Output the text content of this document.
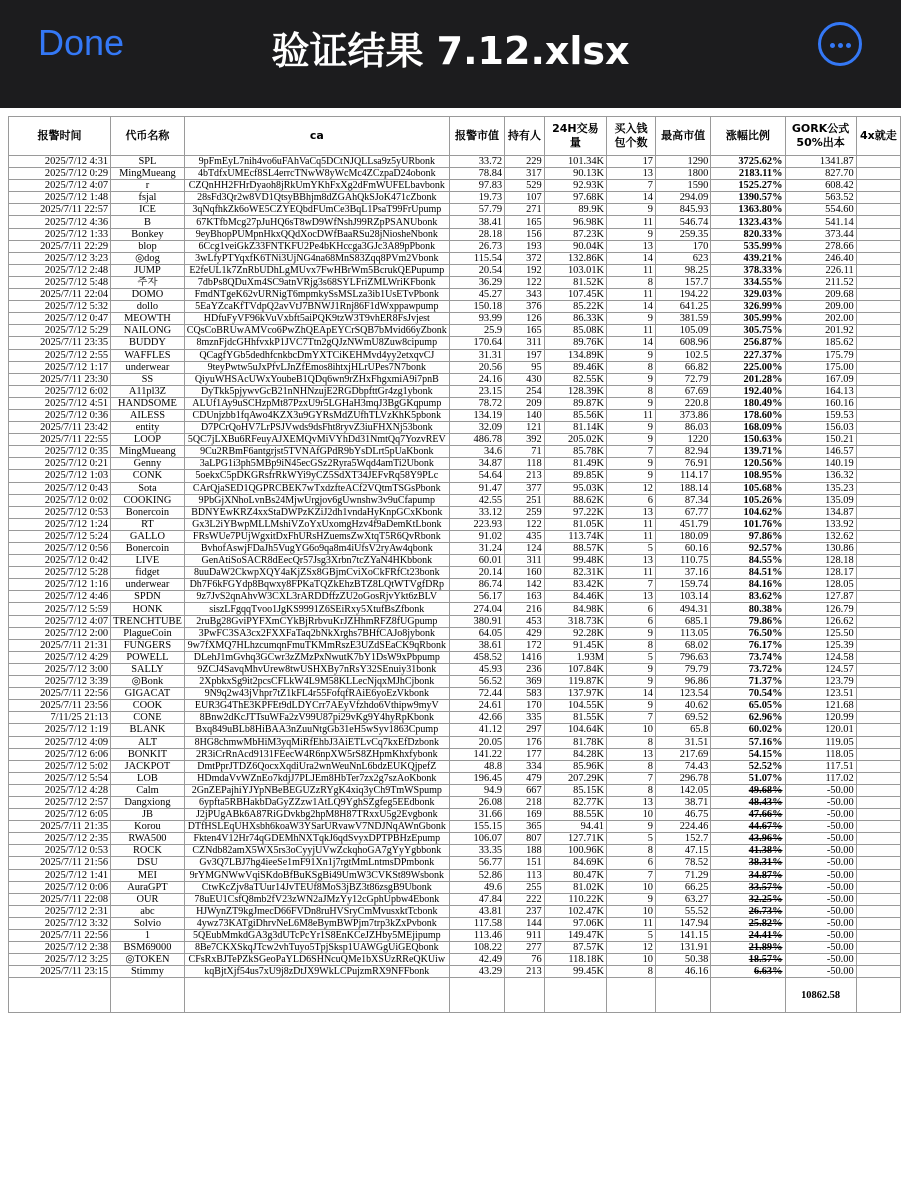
Done	验证结果 7.12.xlsx
报警时间	代币名称	ca	报警市值	持有人	24H交易量	买入钱包个数	最高市值	涨幅比例	GORK公式50%出本	4x就走
2025/7/12 4:31	SPL	9pFmEyL7nih4vo6uFAhVaCq5DCtNJQLLsa9z5yURbonk	33.72	229	101.34K	17	1290	3725.62%	1341.87	
2025/7/12 0:29	MingMueang	4bTdfxUMEcf8SL4errcTNwW8yWcMc4ZCzpaD24obonk	78.84	317	90.13K	13	1800	2183.11%	827.70	
2025/7/12 4:07	r	CZQnHH2FHrDyaoh8jRkUmYKhFxXg2dFmWUFELbavbonk	97.83	529	92.93K	7	1590	1525.27%	608.42	
2025/7/12 1:48	fsjal	28sFd3Qr2w8VD1QtsyBBhjm8dZGAhQkSJoK471cZbonk	19.73	107	97.68K	14	294.09	1390.57%	563.52	
2025/7/11 22:57	ICE	3qNqfhkZk6oWE5CZYEQbdFUmCe3BqL1PsaT99FrUpump	57.79	271	89.9K	9	845.93	1363.80%	554.60	
2025/7/12 4:36	B	67KTfbMcg27pJuHQ6sT8wD9WfNshJ99RZpPSANUbonk	38.41	165	96.98K	11	546.74	1323.43%	541.14	
2025/7/12 1:33	Bonkey	9eyBhopPUMpnHkxQQdXocDWfBaaRSu28jNiosheNbonk	28.18	156	87.23K	9	259.35	820.33%	373.44	
2025/7/11 22:29	blop	6Ccg1veiGkZ33FNTKFU2Pe4bKHccga3GJc3A89pPbonk	26.73	193	90.04K	13	170	535.99%	278.66	
2025/7/12 3:23	◎dog	3wLfyPTYqxfK6TNi3UjNG4na68MnS83Zqq8PVm2Vbonk	115.54	372	132.86K	14	623	439.21%	246.40	
2025/7/12 2:48	JUMP	E2feUL1k7ZnRbUDhLgMUvx7FwHBrWm5BcrukQEPupump	20.54	192	103.01K	11	98.25	378.33%	226.11	
2025/7/12 5:48	주자	7dbPs8QDuXm4SC9atnVRjg3s68SYLFriZMLWriKFbonk	36.29	122	81.52K	8	157.7	334.55%	211.52	
2025/7/11 22:04	DOMO	FmdNTgeK62vURNigT6mpmkySsMSLza3ib1UsETvPbonk	45.27	343	107.45K	11	194.22	329.03%	209.68	
2025/7/12 5:32	dollo	5EaYZcaKfTVdpQ2avVtJ7BNWJ1Rnj86F1dWxppawpump	150.18	376	85.22K	14	641.25	326.99%	209.00	
2025/7/12 0:47	MEOWTH	HDfuFyVF96kVuVxbft5aiPQK9tzW3T9vhER8FsJvjest	93.99	126	86.33K	9	381.59	305.99%	202.00	
2025/7/12 5:29	NAILONG	CQsCoBRUwAMVco6PwZhQEApEYCrSQB7bMvid66yZbonk	25.9	165	85.08K	11	105.09	305.75%	201.92	
2025/7/11 23:35	BUDDY	8mznFjdcGHhfvxkP1JVC7Ttn2gQJzNWmU8Zuw8cipump	170.64	311	89.76K	14	608.96	256.87%	185.62	
2025/7/12 2:55	WAFFLES	QCagfYGb5dedhfcnkbcDmYXTCiKEHMvd4yy2etxqvCJ	31.31	197	134.89K	9	102.5	227.37%	175.79	
2025/7/12 1:17	underwear	9teyPwtw5uJxPfvLJnZfEmos8ihtxjHLrUPes7N7bonk	20.56	95	89.46K	8	66.82	225.00%	175.00	
2025/7/11 23:30	SS	QiyuWHSAcUWxYoubeB1QDq6wn9rZHxFhgxmiA9i7pnB	24.16	430	82.55K	9	72.79	201.28%	167.09	
2025/7/12 6:02	A11pl3Z	DyTkk5pjywvGcB21nNHNzujE2RGDbpfttGr4zg1ybonk	23.15	254	128.39K	8	67.69	192.40%	164.13	
2025/7/12 4:51	HANDSOME	ALUf1Ay9uSCHzpMt87PzxU9r5LGHaH3mqJ3BgGKqpump	78.72	209	89.87K	9	220.8	180.49%	160.16	
2025/7/12 0:36	AILESS	CDUnjzbb1fqAwo4KZX3u9GYRsMdZUfhTLVzKhK5pbonk	134.19	140	85.56K	11	373.86	178.60%	159.53	
2025/7/11 23:42	entity	D7PCrQoHV7LrPSJVwds9dsFht8ryvZ3iuFHXNj53bonk	32.09	121	81.14K	9	86.03	168.09%	156.03	
2025/7/11 22:55	LOOP	5QC7jLXBu6RFeuyAJXEMQvMiVYhDd31NmtQq7YozvREV	486.78	392	205.02K	9	1220	150.63%	150.21	
2025/7/12 0:35	MingMueang	9Cu2RBmF6antgrjst5TVNAfGPdR9bYsDLrt5pUaKbonk	34.6	71	85.78K	7	82.94	139.71%	146.57	
2025/7/12 0:21	Genny	3aLPG1i3ph5MBp9iN45ecGSz2Ryra5Wqd4amTi2Ubonk	34.87	118	81.49K	9	76.91	120.56%	140.19	
2025/7/12 1:03	CONK	5oekxC5pDKGRsfrRkWYi9yCZ5SdXT34JEFvRq58Y9PLc	54.64	213	89.85K	9	114.17	108.95%	136.32	
2025/7/12 0:43	Sota	CArQjaSED1QGPRCBEK7wTxdzfteACf2VQtmTSGsPbonk	91.47	377	95.03K	12	188.14	105.68%	135.23	
2025/7/12 0:02	COOKING	9PbGjXNhoLvnBs24MjwUrgjov6gUwnshw3v9uCfapump	42.55	251	88.62K	6	87.34	105.26%	135.09	
2025/7/12 0:53	Bonercoin	BDNYEwKRZ4xxStaDWPzKZiJ2dh1vndaHyKnpGCxKbonk	33.12	259	97.22K	13	67.77	104.62%	134.87	
2025/7/12 1:24	RT	Gx3L2iYBwpMLLMshiVZoYxUxomgHzv4f9aDemKtLbonk	223.93	122	81.05K	11	451.79	101.76%	133.92	
2025/7/12 5:24	GALLO	FRsWUe7PUjWgxitDxFhURsHZuemsZwXtqT5R6QvRbonk	91.02	435	113.74K	11	180.09	97.86%	132.62	
2025/7/12 0:56	Bonercoin	BvhofAswjFDaJh5VugYG6o9qa8m4iUfsV2ryAw4qbonk	31.24	124	88.57K	5	60.16	92.57%	130.86	
2025/7/12 0:42	LIVE	GenAtiSoSACR8dEecQr57Jsg3Xrbn7tcZYaN4HKbbonk	60.01	311	99.48K	13	110.75	84.55%	128.18	
2025/7/12 5:28	fidget	8uuDaW2CkwpXQY4aKjZSx8GBjmCviXoCkFRfCt23bonk	20.14	160	82.31K	11	37.16	84.51%	128.17	
2025/7/12 1:16	underwear	Dh7F6kFGYdp8Bqwxy8FPKaTQZkEhzBTZ8LQtWTVgfDRp	86.74	142	83.42K	7	159.74	84.16%	128.05	
2025/7/12 4:46	SPDN	9z7JvS2qnAhvW3CXL3rARDDffzZU2oGosRjvYkt6zBLV	56.17	163	84.46K	13	103.14	83.62%	127.87	
2025/7/12 5:59	HONK	siszLFgqqTvoo1JgKS9991Z6SEiRxy5XtufBsZfbonk	274.04	216	84.98K	6	494.31	80.38%	126.79	
2025/7/12 4:07	TRENCHTUBE	2ruBg28GviPYFXmCYkBjRrbvuKrJZHhmRFZ8fUGpump	380.91	453	318.73K	6	685.1	79.86%	126.62	
2025/7/12 2:00	PlagueCoin	3PwFC3SA3cx2FXXFaTaq2bNkXrghs7BHfCAJo8jybonk	64.05	429	92.28K	9	113.05	76.50%	125.50	
2025/7/11 21:31	FUNGERS	9w7fXMQ7HLhzcumqnFmuTKMmRszE3UZdSEaCK9qRbonk	38.61	172	91.45K	8	68.02	76.17%	125.39	
2025/7/12 4:29	POWELL	DLehJ1mGvhq3GCwr3zZMzPxNwutK7bY1DsW9xPbpump	458.52	1416	1.93M	5	796.63	73.74%	124.58	
2025/7/12 3:00	SALLY	9ZCJ4SavqMhvUrew8twUSHXBy7nRsY32SEnuiy31bonk	45.93	236	107.84K	9	79.79	73.72%	124.57	
2025/7/12 3:39	◎Bonk	2XpbkxSg9it2pcsCFLkW4L9M58KLLecNjqxMJhCjbonk	56.52	369	119.87K	9	96.86	71.37%	123.79	
2025/7/11 22:56	GIGACAT	9N9q2w43jVhpr7tZ1kFL4r55FofqfRAiE6yoEzVkbonk	72.44	583	137.97K	14	123.54	70.54%	123.51	
2025/7/11 23:56	COOK	EUR3G4ThE3KPFEt9dLDYCrr7AEyVfzhdo6Vthipw9myV	24.61	170	104.55K	9	40.62	65.05%	121.68	
7/11/25 21:13	CONE	8Bnw2dKcJTTsuWFa2zV99U87pi29vKg9Y4hyRpKbonk	42.66	335	81.55K	7	69.52	62.96%	120.99	
2025/7/12 1:19	BLANK	Bxq849uBLb8HiBAA3nZuuNtgGb31eH5wSyv1863Cpump	41.12	297	104.64K	10	65.8	60.02%	120.01	
2025/7/12 4:09	ALT	8HG8chmwMbHiM3yqMiRfEhbJ3AiETLvCq7kxEfDzbonk	20.05	176	81.78K	8	31.51	57.16%	119.05	
2025/7/12 6:06	BONKIT	2R3iCrRnAcd9131FEecW4R6npXW5rS8ZHpmKhxfybonk	141.22	177	84.28K	13	217.69	54.15%	118.05	
2025/7/12 5:02	JACKPOT	DmtPprJTDZ6QocxXqdiUra2wnWeuNnL6bdzEUKQjpefZ	48.8	334	85.96K	8	74.43	52.52%	117.51	
2025/7/12 5:54	LOB	HDmdaVvWZnEo7kdjJ7PLJEm8HbTer7zx2g7szAoKbonk	196.45	479	207.29K	7	296.78	51.07%	117.02	
2025/7/12 4:28	Calm	2GnZEPajhiYJYpNBeBEGUZzRYgK4xiq3yCh9TmWSpump	94.9	667	85.15K	8	142.05	49.68%	-50.00	
2025/7/12 2:57	Dangxiong	6ypfta5RBHakbDaGyZZzw1AtLQ9YghSZgfeg5EEdbonk	26.08	218	82.77K	13	38.71	48.43%	-50.00	
2025/7/12 6:05	JB	J2jPUgABk6A87RiGDvkbg2hpM8H87TRxxU5g2Evgbonk	31.66	169	88.55K	10	46.75	47.66%	-50.00	
2025/7/11 21:35	Korou	DTfHSLEqUHXsbh6koaW3YSarURvawV7NDJNqAWnGbonk	155.15	365	94.41	9	224.46	44.67%	-50.00	
2025/7/12 2:35	RWA500	Fkten4V12Hr74qGDEMhNXTqkJ6qdSvyxDPTPBHzEpump	106.07	807	127.71K	5	152.7	43.96%	-50.00	
2025/7/12 0:53	ROCK	CZNdb82amX5WX5rs3oCyyjUVwZckqhoGA7gYyYgbbonk	33.35	188	100.96K	8	47.15	41.38%	-50.00	
2025/7/11 21:56	DSU	Gv3Q7LBJ7hg4ieeSe1mF91Xn1j7rgtMmLntmsDPmbonk	56.77	151	84.69K	6	78.52	38.31%	-50.00	
2025/7/12 1:41	MEI	9rYMGNWwVqiSKdoBfBuKSgBi49UmW3CVKSt89Wsbonk	52.86	113	80.47K	7	71.29	34.87%	-50.00	
2025/7/12 0:06	AuraGPT	CtwKcZjv8aTUur14JvTEUf8MoS3jBZ3t86zsgB9Ubonk	49.6	255	81.02K	10	66.25	33.57%	-50.00	
2025/7/11 22:08	OUR	78uEU1CsfQ8mb2fV23zWN2aJMzYy12cGphUpbw4Ebonk	47.84	222	110.22K	9	63.27	32.25%	-50.00	
2025/7/12 2:31	abc	HJWynZT9kgJmecD66FVDn8ruHVSryCmMvusxktTcbonk	43.81	237	102.47K	10	55.52	26.73%	-50.00	
2025/7/12 3:32	Solvio	4ywz73KATgiDhrvNeL6M8eBymBWPjm7trp3kZxPvbonk	117.58	144	97.06K	11	147.94	25.82%	-50.00	
2025/7/11 22:56	1	5QEubMmkdGA3g3dUTcPcYr1S8EnKCeJZHby5MEjipump	113.46	911	149.47K	5	141.15	24.41%	-50.00	
2025/7/12 2:38	BSM69000	8Be7CKXSkqJTcw2vhTuyo5TpjSksp1UAWGgUiGEQbonk	108.22	277	87.57K	12	131.91	21.89%	-50.00	
2025/7/12 3:25	◎TOKEN	CFsRxBJTePZkSGeoPaYLD6SHNcuQMe1bXSUzRReQKUiw	42.49	76	118.18K	10	50.38	18.57%	-50.00	
2025/7/11 23:15	Stimmy	kqBjtXjf54us7xU9j8zDtJX9WkLCPujzmRX9NFFbonk	43.29	213	99.45K	8	46.16	6.63%	-50.00	
									10862.58	
